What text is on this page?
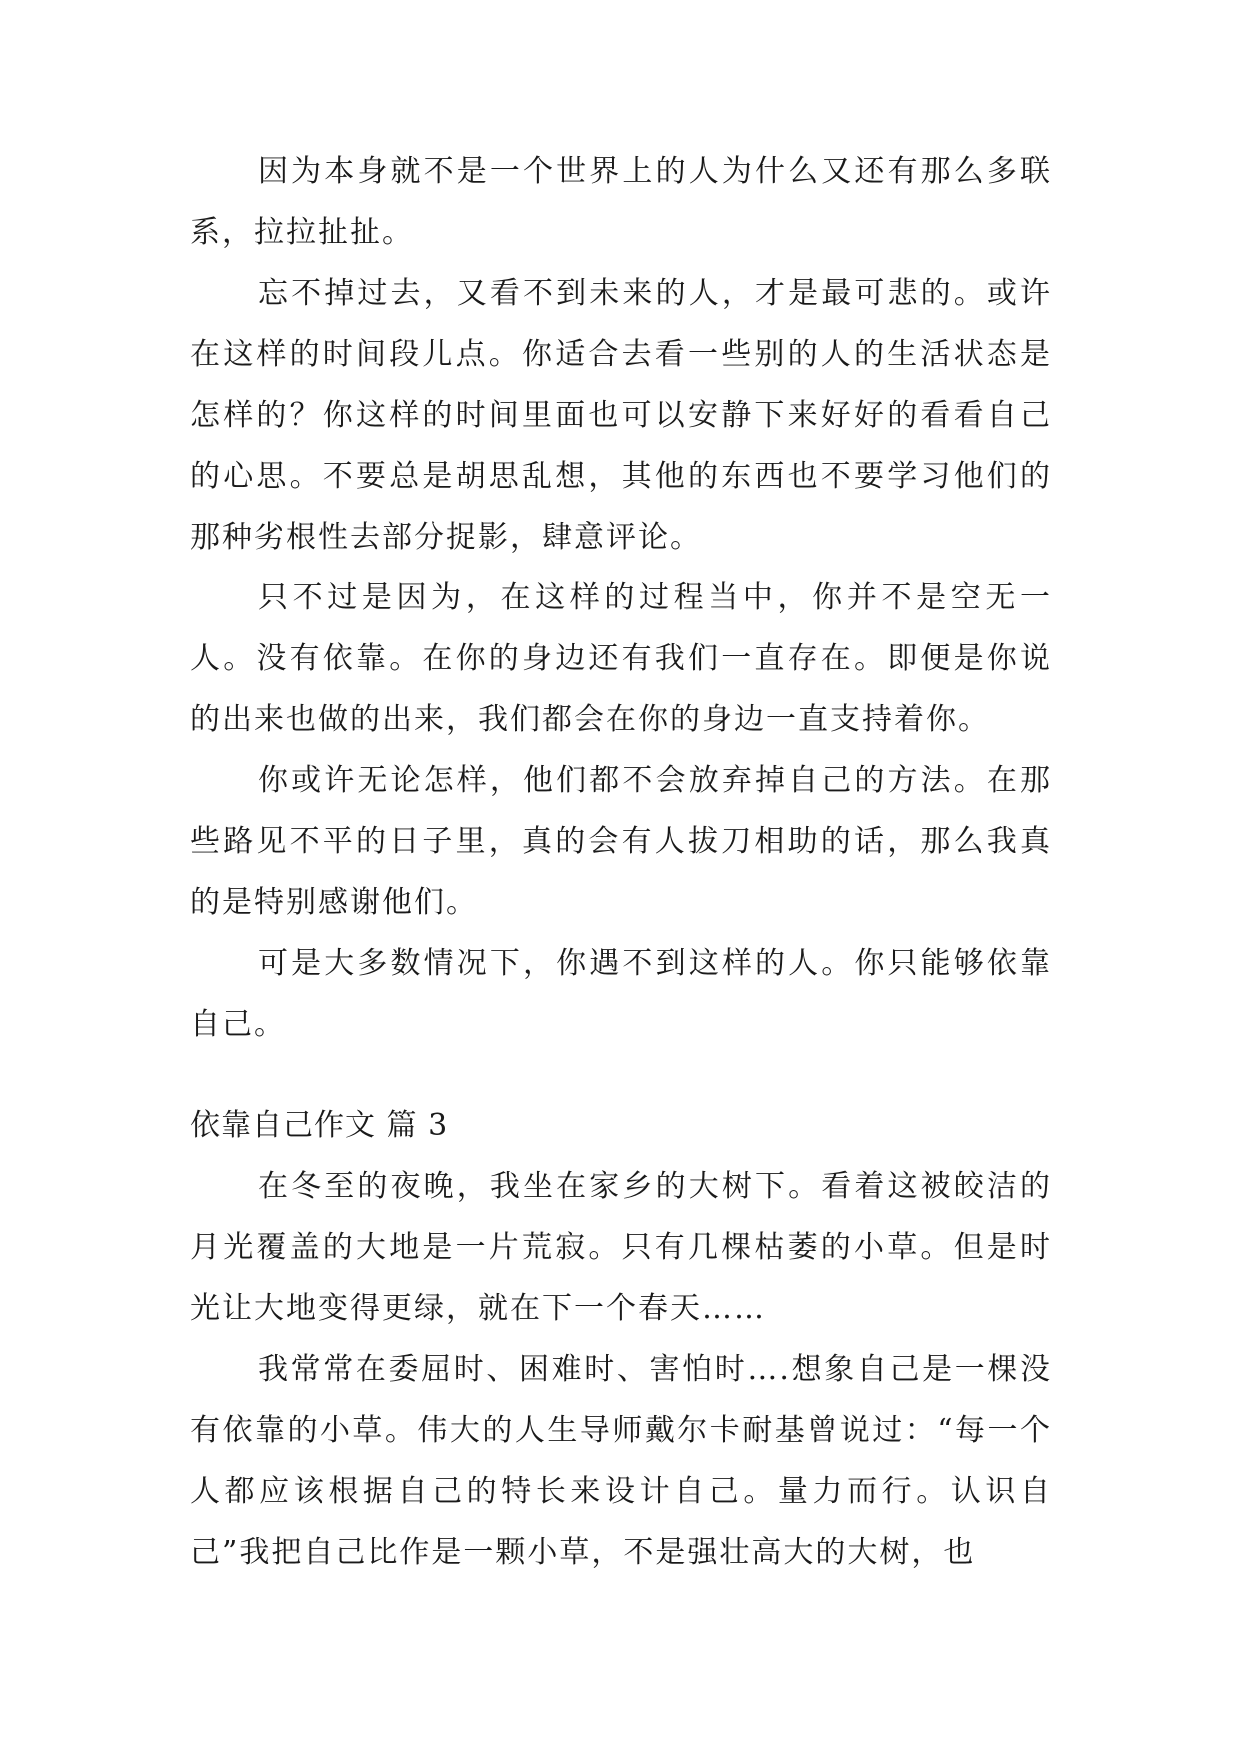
因为本身就不是一个世界上的人为什么又还有那么多联系，拉拉扯扯。
忘不掉过去，又看不到未来的人，才是最可悲的。或许在这样的时间段儿点。你适合去看一些别的人的生活状态是怎样的？你这样的时间里面也可以安静下来好好的看看自己的心思。不要总是胡思乱想，其他的东西也不要学习他们的那种劣根性去部分捉影，肆意评论。
只不过是因为，在这样的过程当中，你并不是空无一人。没有依靠。在你的身边还有我们一直存在。即便是你说的出来也做的出来，我们都会在你的身边一直支持着你。
你或许无论怎样，他们都不会放弃掉自己的方法。在那些路见不平的日子里，真的会有人拔刀相助的话，那么我真的是特别感谢他们。
可是大多数情况下，你遇不到这样的人。你只能够依靠自己。
依靠自己作文 篇 3
在冬至的夜晚，我坐在家乡的大树下。看着这被皎洁的月光覆盖的大地是一片荒寂。只有几棵枯萎的小草。但是时光让大地变得更绿，就在下一个春天……
我常常在委屈时、困难时、害怕时….想象自己是一棵没有依靠的小草。伟大的人生导师戴尔卡耐基曾说过：“每一个人都应该根据自己的特长来设计自己。量力而行。认识自己”我把自己比作是一颗小草，不是强壮高大的大树，也
